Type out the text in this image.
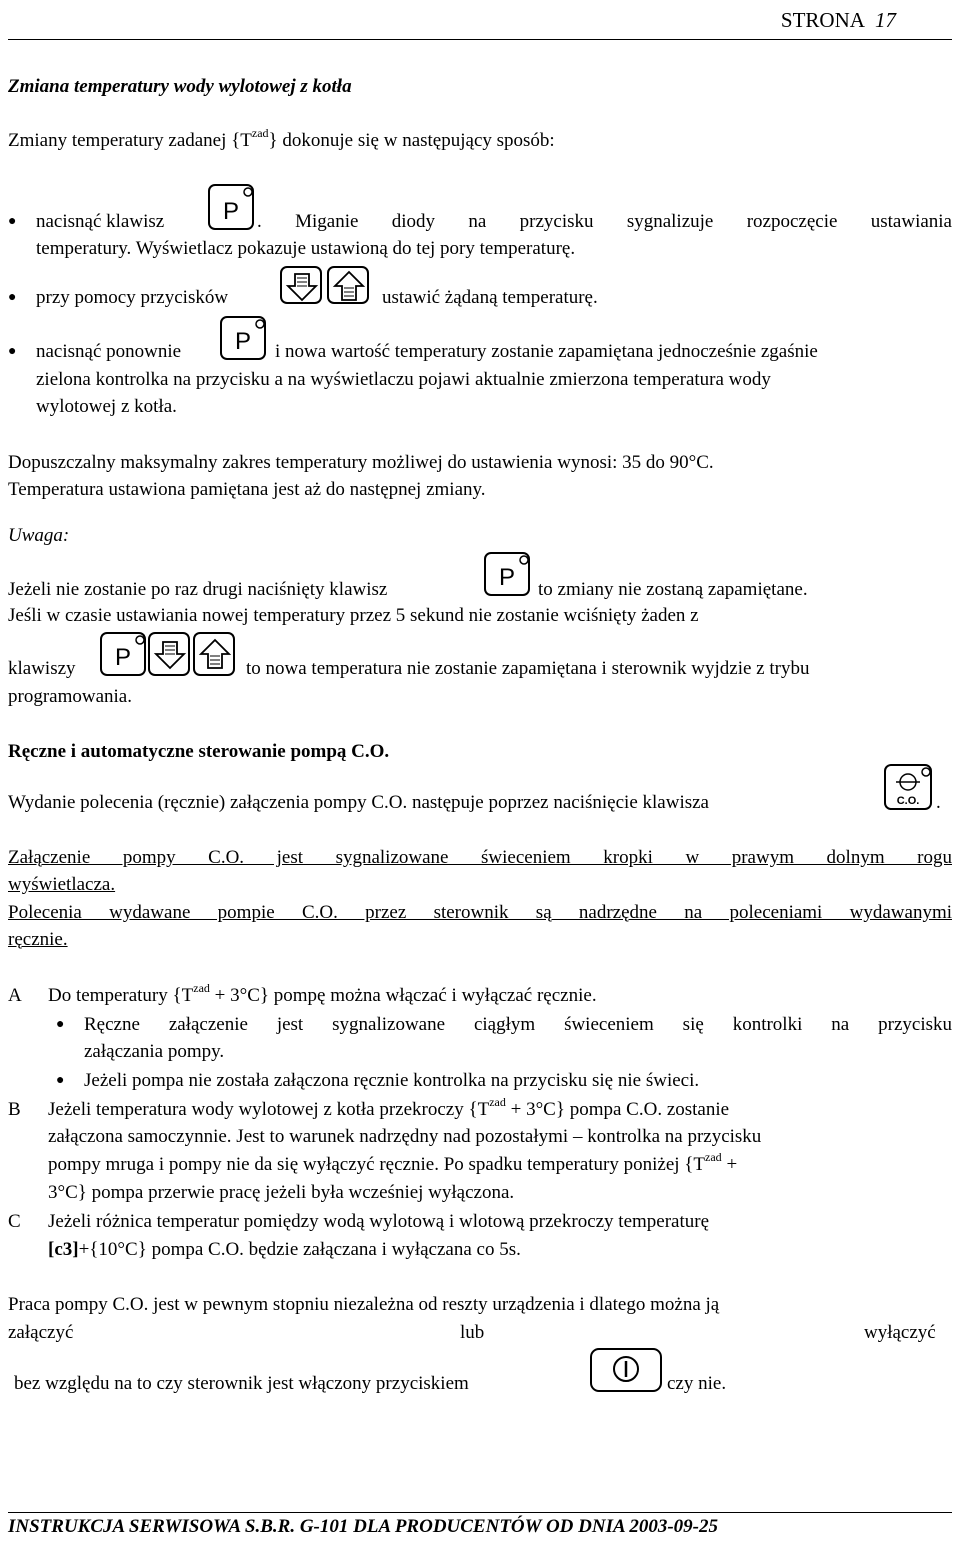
STRONA 17
Zmiana temperatury wody wylotowej z kotła
Zmiany temperatury zadanej $\{T^{zad}\}$ dokonuje się w następujący sposób:
● nacisnąć klawisz P . Miganie diody na przycisku sygnalizuje rozpoczęcie ustawiania
temperatury. Wyświetlacz pokazuje ustawioną do tej pory temperaturę.
● przy pomocy przycisków	ustawić żądaną temperaturę.
● nacisnąć ponownie P i nowa wartość temperatury zostanie zapamiętana jednocześnie zgaśnie
zielona kontrolka na przycisku a na wyświetlaczu pojawi aktualnie zmierzona temperatura wody
wylotowej z kotła.
Dopuszczalny maksymalny zakres temperatury możliwej do ustawienia wynosi: 35 do 90°C.
Temperatura ustawiona pamiętana jest aż do następnej zmiany.
Uwaga:
Jeżeli nie zostanie po raz drugi naciśnięty klawisz	P to zmiany nie zostaną zapamiętane.
Jeśli w czasie ustawiania nowej temperatury przez 5 sekund nie zostanie wciśnięty żaden z
klawiszy P	to nowa temperatura nie zostanie zapamiętana i sterownik wyjdzie z trybu
programowania.
Ręczne i automatyczne sterowanie pompą C.O.
Wydanie polecenia (ręcznie) załączenia pompy C.O. następuje poprzez naciśnięcie klawisza	C.O. .
Załączenie pompy C.O. jest sygnalizowane świeceniem kropki w prawym dolnym rogu
wyświetlacza.
Polecenia wydawane pompie C.O. przez sterownik są nadrzędne na poleceniami wydawanymi
ręcznie.
A Do temperatury $\{T^{zad} + 3^\circ C\}$ pompę można włączać i wyłączać ręcznie.
● Ręczne załączenie jest sygnalizowane ciągłym świeceniem się kontrolki na przycisku
załączania pompy.
● Jeżeli pompa nie została załączona ręcznie kontrolka na przycisku się nie świeci.
B Jeżeli temperatura wody wylotowej z kotła przekroczy $\{T^{zad} + 3^\circ C\}$ pompa C.O. zostanie
załączona samoczynnie. Jest to warunek nadrzędny nad pozostałymi – kontrolka na przycisku
pompy mruga i pompy nie da się wyłączyć ręcznie. Po spadku temperatury poniżej {$T^{zad}$ +
3°C} pompa przerwie pracę jeżeli była wcześniej wyłączona.
C Jeżeli różnica temperatur pomiędzy wodą wylotową i wlotową przekroczy temperaturę
[c3]+{10°C} pompa C.O. będzie załączana i wyłączana co 5s.
Praca pompy C.O. jest w pewnym stopniu niezależna od reszty urządzenia i dlatego można ją
załączyć	lub	wyłączyć
bez względu na to czy sterownik jest włączony przyciskiem	czy nie.
INSTRUKCJA SERWISOWA S.B.R. G-101 DLA PRODUCENTÓW OD DNIA 2003-09-25
